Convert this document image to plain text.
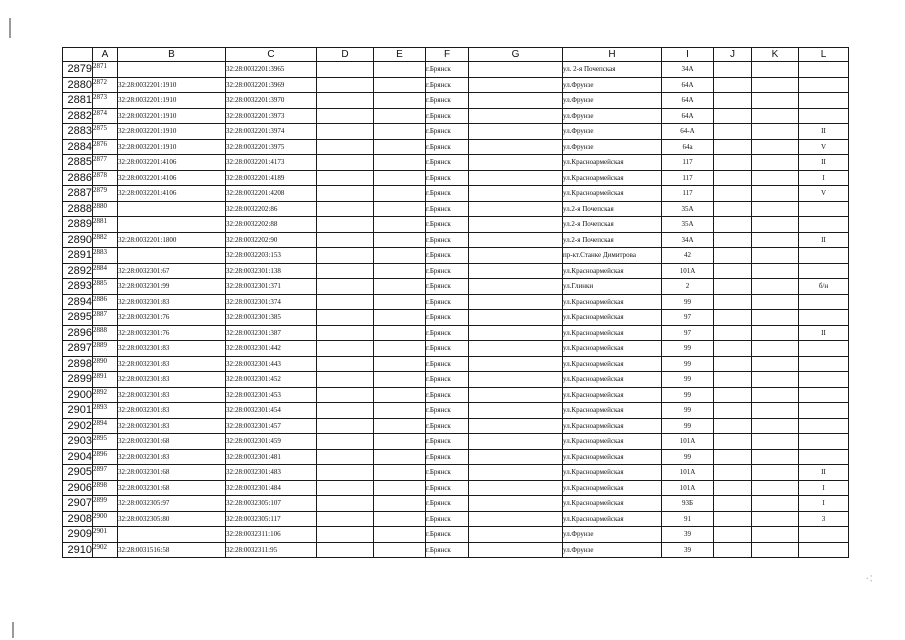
∵
	A	B	C	D	E	F	G	H	I	J	K	L
2879	2871		32:28:0032201:3965			г.Брянск		ул. 2-я Почепская	34А			
2880	2872	32:28:0032201:1910	32:28:0032201:3969			г.Брянск		ул.Фрунзе	64А			
2881	2873	32:28:0032201:1910	32:28:0032201:3970			г.Брянск		ул.Фрунзе	64А			
2882	2874	32:28:0032201:1910	32:28:0032201:3973			г.Брянск		ул.Фрунзе	64А			
2883	2875	32:28:0032201:1910	32:28:0032201:3974			г.Брянск		ул.Фрунзе	64-А			II
2884	2876	32:28:0032201:1910	32:28:0032201:3975			г.Брянск		ул.Фрунзе	64а			V
2885	2877	32:28:0032201:4106	32:28:0032201:4173			г.Брянск		ул.Красноармейская	117			II
2886	2878	32:28:0032201:4106	32:28:0032201:4189			г.Брянск		ул.Красноармейская	117			I
2887	2879	32:28:0032201:4106	32:28:0032201:4208			г.Брянск		ул.Красноармейская	117			V
2888	2880		32:28:0032202:86			г.Брянск		ул.2-я Почепская	35А			
2889	2881		32:28:0032202:88			г.Брянск		ул.2-я Почепская	35А			
2890	2882	32:28:0032201:1800	32:28:0032202:90			г.Брянск		ул.2-я Почепская	34А			II
2891	2883		32:28:0032203:153			г.Брянск		пр-кт.Станке Димитрова	42			
2892	2884	32:28:0032301:67	32:28:0032301:138			г.Брянск		ул.Красноармейская	101А			
2893	2885	32:28:0032301:99	32:28:0032301:371			г.Брянск		ул.Глинки	2			б/н
2894	2886	32:28:0032301:83	32:28:0032301:374			г.Брянск		ул.Красноармейская	99			
2895	2887	32:28:0032301:76	32:28:0032301:385			г.Брянск		ул.Красноармейская	97			
2896	2888	32:28:0032301:76	32:28:0032301:387			г.Брянск		ул.Красноармейская	97			II
2897	2889	32:28:0032301:83	32:28:0032301:442			г.Брянск		ул.Красноармейская	99			
2898	2890	32:28:0032301:83	32:28:0032301:443			г.Брянск		ул.Красноармейская	99			
2899	2891	32:28:0032301:83	32:28:0032301:452			г.Брянск		ул.Красноармейская	99			
2900	2892	32:28:0032301:83	32:28:0032301:453			г.Брянск		ул.Красноармейская	99			
2901	2893	32:28:0032301:83	32:28:0032301:454			г.Брянск		ул.Красноармейская	99			
2902	2894	32:28:0032301:83	32:28:0032301:457			г.Брянск		ул.Красноармейская	99			
2903	2895	32:28:0032301:68	32:28:0032301:459			г.Брянск		ул.Красноармейская	101А			
2904	2896	32:28:0032301:83	32:28:0032301:481			г.Брянск		ул.Красноармейская	99			
2905	2897	32:28:0032301:68	32:28:0032301:483			г.Брянск		ул.Красноармейская	101А			II
2906	2898	32:28:0032301:68	32:28:0032301:484			г.Брянск		ул.Красноармейская	101А			I
2907	2899	32:28:0032305:97	32:28:0032305:107			г.Брянск		ул.Красноармейская	93Б			I
2908	2900	32:28:0032305:80	32:28:0032305:117			г.Брянск		ул.Красноармейская	91			3
2909	2901		32:28:0032311:106			г.Брянск		ул.Фрунзе	39			
2910	2902	32:28:0031516:58	32:28:0032311:95			г.Брянск		ул.Фрунзе	39			
